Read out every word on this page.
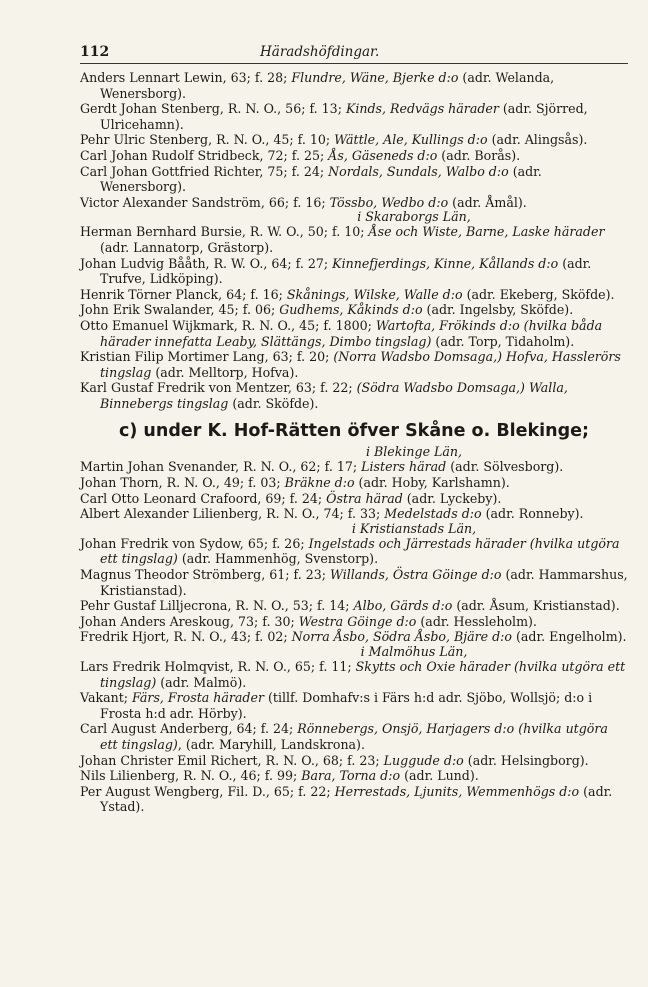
112	Häradshöfdingar.

Anders Lennart Lewin, 63; f. 28; Flundre, Wäne, Bjerke d:o (adr. Welanda, Wenersborg).

Gerdt Johan Stenberg, R. N. O., 56; f. 13; Kinds, Redvägs härader (adr. Sjörred, Ulricehamn).

Pehr Ulric Stenberg, R. N. O., 45; f. 10; Wättle, Ale, Kullings d:o (adr. Alingsås).

Carl Johan Rudolf Stridbeck, 72; f. 25; Ås, Gäseneds d:o (adr. Borås).

Carl Johan Gottfried Richter, 75; f. 24; Nordals, Sundals, Walbo d:o (adr. Wenersborg).

Victor Alexander Sandström, 66; f. 16; Tössbo, Wedbo d:o (adr. Åmål).

i Skaraborgs Län,

Herman Bernhard Bursie, R. W. O., 50; f. 10; Åse och Wiste, Barne, Laske härader (adr. Lannatorp, Grästorp).

Johan Ludvig Bååth, R. W. O., 64; f. 27; Kinnefjerdings, Kinne, Kållands d:o (adr. Trufve, Lidköping).

Henrik Törner Planck, 64; f. 16; Skånings, Wilske, Walle d:o (adr. Ekeberg, Sköfde).

John Erik Swalander, 45; f. 06; Gudhems, Kåkinds d:o (adr. Ingelsby, Sköfde).

Otto Emanuel Wijkmark, R. N. O., 45; f. 1800; Wartofta, Frökinds d:o (hvilka båda härader innefatta Leaby, Slättängs, Dimbo tingslag) (adr. Torp, Tidaholm).

Kristian Filip Mortimer Lang, 63; f. 20; (Norra Wadsbo Domsaga,) Hofva, Hasslerörs tingslag (adr. Melltorp, Hofva).

Karl Gustaf Fredrik von Mentzer, 63; f. 22; (Södra Wadsbo Domsaga,) Walla, Binnebergs tingslag (adr. Sköfde).

c) under K. Hof-Rätten öfver Skåne o. Blekinge;
i Blekinge Län,

Martin Johan Svenander, R. N. O., 62; f. 17; Listers härad (adr. Sölvesborg).

Johan Thorn, R. N. O., 49; f. 03; Bräkne d:o (adr. Hoby, Karlshamn).

Carl Otto Leonard Crafoord, 69; f. 24; Östra härad (adr. Lyckeby).

Albert Alexander Lilienberg, R. N. O., 74; f. 33; Medelstads d:o (adr. Ronneby).

i Kristianstads Län,

Johan Fredrik von Sydow, 65; f. 26; Ingelstads och Järrestads härader (hvilka utgöra ett tingslag) (adr. Hammenhög, Svenstorp).

Magnus Theodor Strömberg, 61; f. 23; Willands, Östra Göinge d:o (adr. Hammarshus, Kristianstad).

Pehr Gustaf Lilljecrona, R. N. O., 53; f. 14; Albo, Gärds d:o (adr. Åsum, Kristianstad).

Johan Anders Areskoug, 73; f. 30; Westra Göinge d:o (adr. Hessleholm).

Fredrik Hjort, R. N. O., 43; f. 02; Norra Åsbo, Södra Åsbo, Bjäre d:o (adr. Engelholm).

i Malmöhus Län,

Lars Fredrik Holmqvist, R. N. O., 65; f. 11; Skytts och Oxie härader (hvilka utgöra ett tingslag) (adr. Malmö).

Vakant; Färs, Frosta härader (tillf. Domhafv:s i Färs h:d adr. Sjöbo, Wollsjö; d:o i Frosta h:d adr. Hörby).

Carl August Anderberg, 64; f. 24; Rönnebergs, Onsjö, Harjagers d:o (hvilka utgöra ett tingslag), (adr. Maryhill, Landskrona).

Johan Christer Emil Richert, R. N. O., 68; f. 23; Luggude d:o (adr. Helsingborg).

Nils Lilienberg, R. N. O., 46; f. 99; Bara, Torna d:o (adr. Lund).

Per August Wengberg, Fil. D., 65; f. 22; Herrestads, Ljunits, Wemmenhögs d:o (adr. Ystad).
